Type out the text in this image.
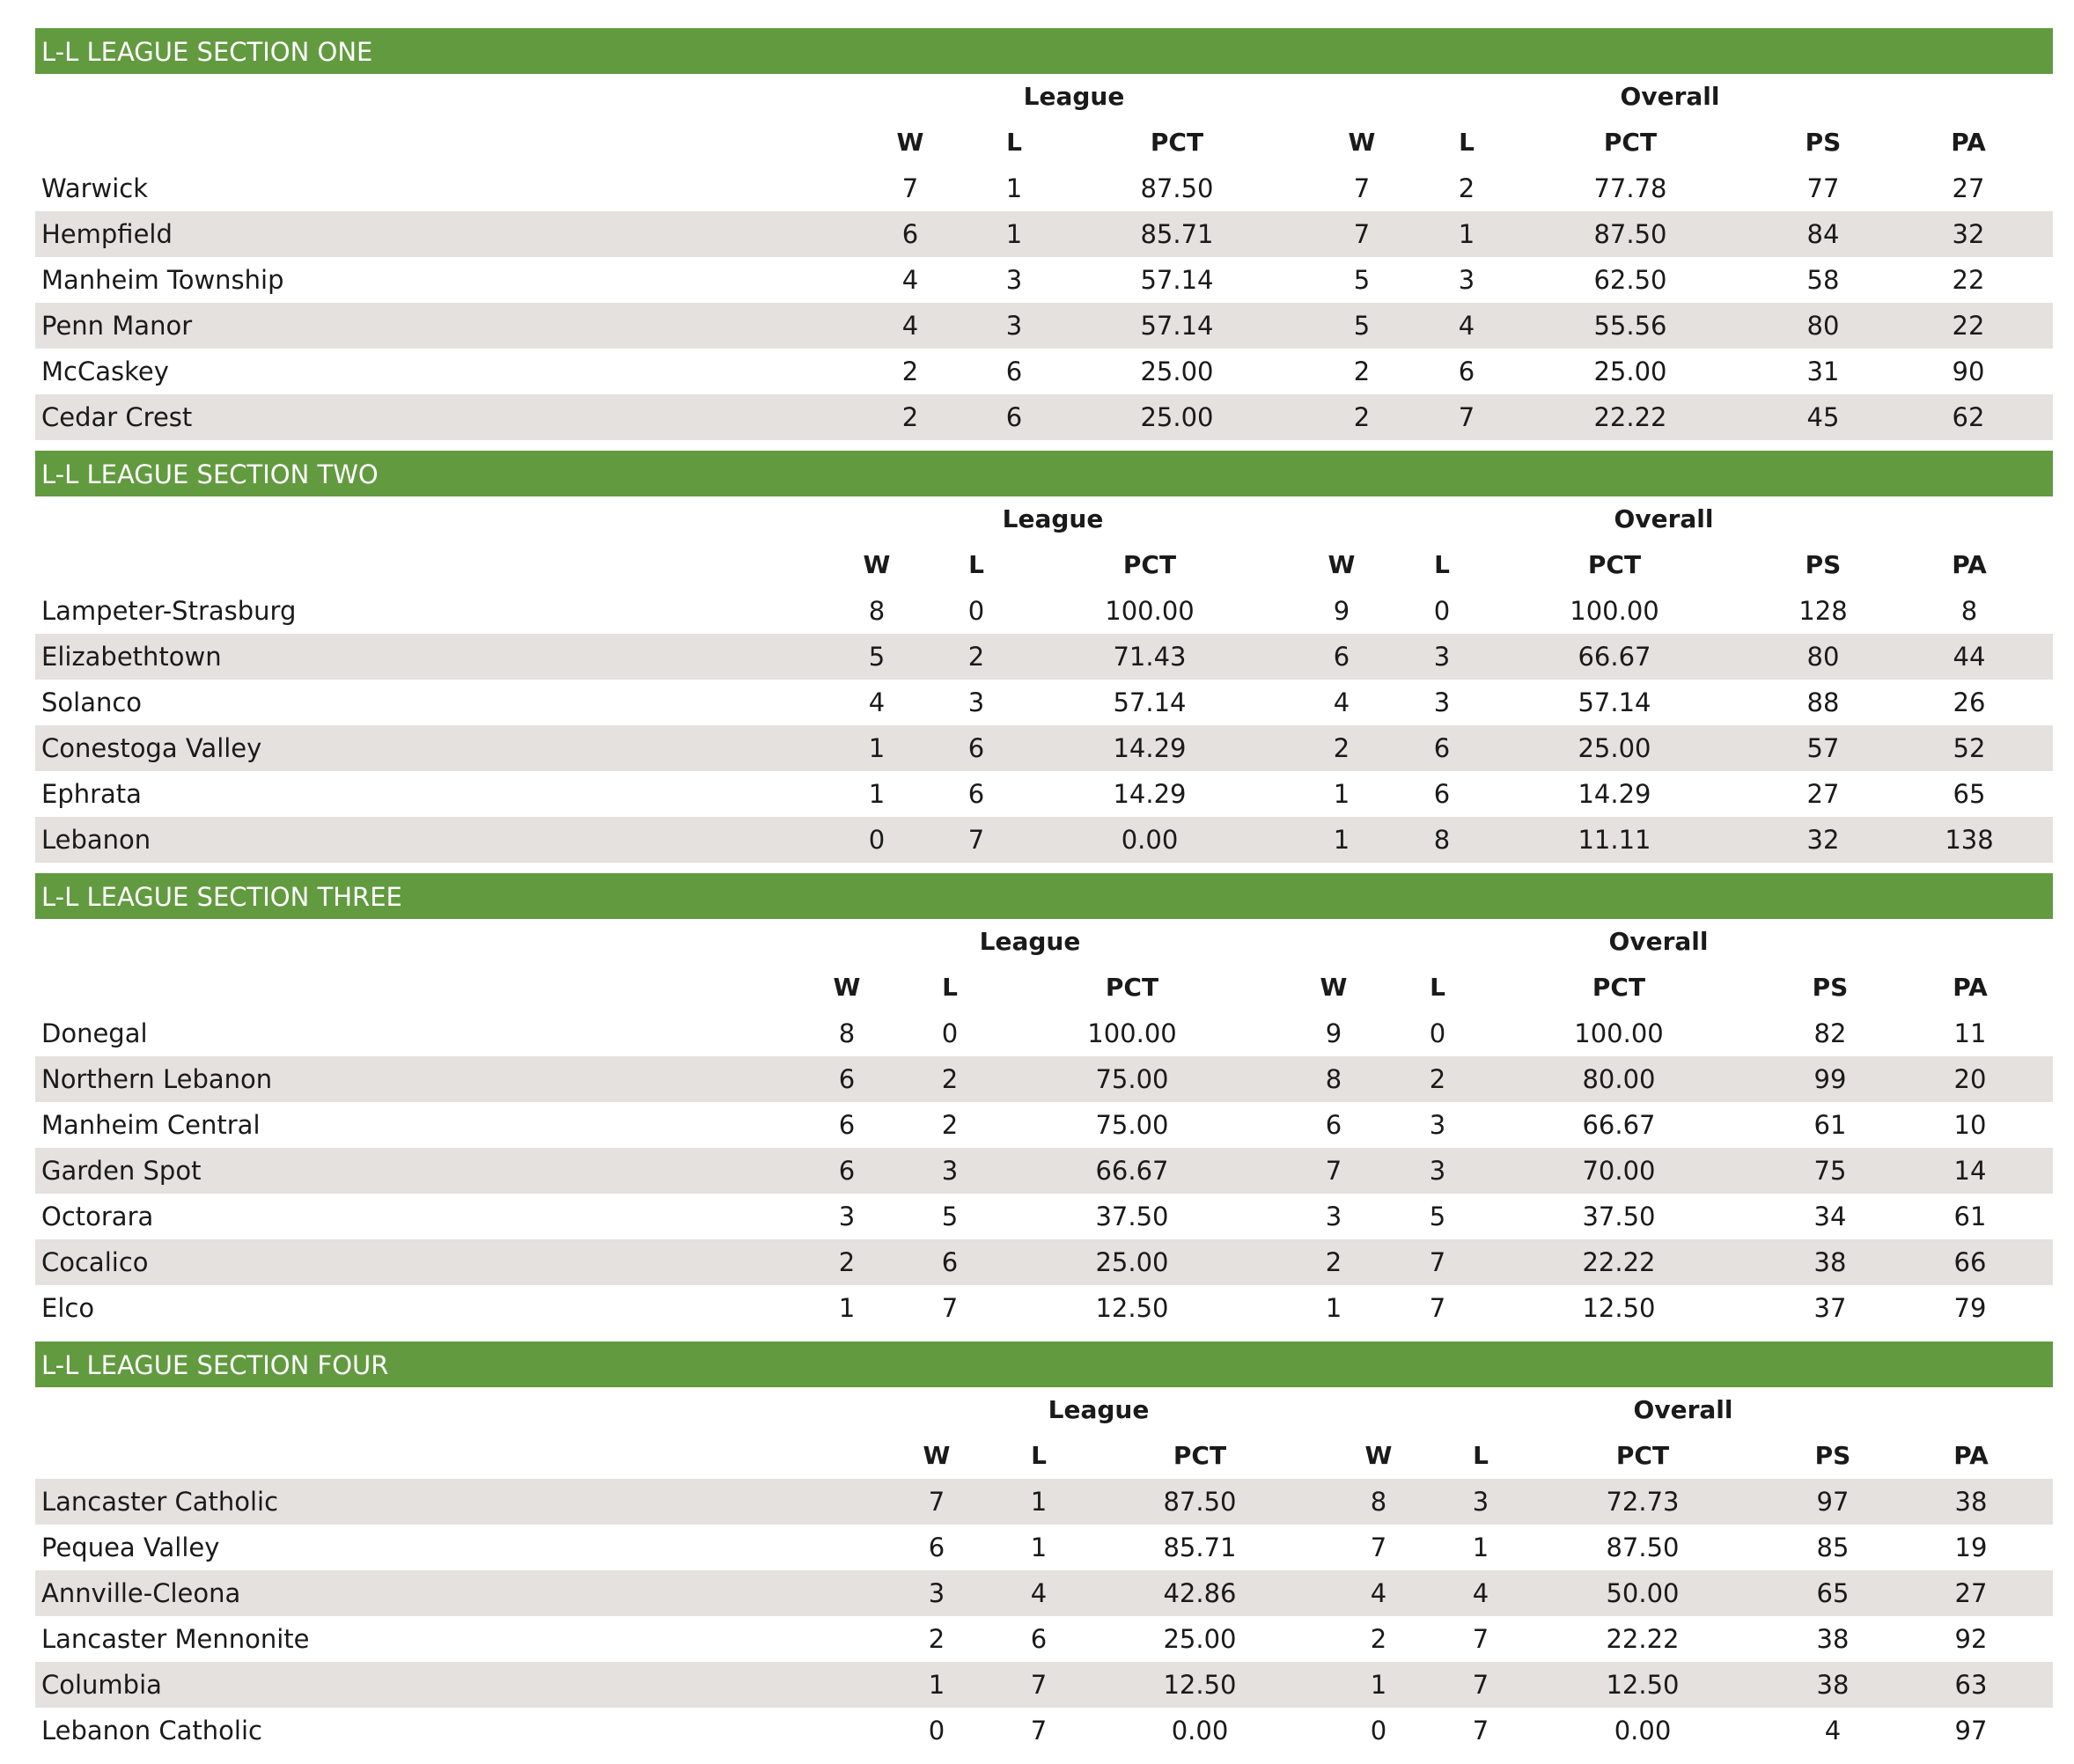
L-L LEAGUE SECTION ONE
League	Overall
W	L	PCT	W	L	PCT	PS	PA
Warwick	7	1	87.50	7	2	77.78	77	27
Hempfield	6	1	85.71	7	1	87.50	84	32
Manheim Township	4	3	57.14	5	3	62.50	58	22
Penn Manor	4	3	57.14	5	4	55.56	80	22
McCaskey	2	6	25.00	2	6	25.00	31	90
Cedar Crest	2	6	25.00	2	7	22.22	45	62
L-L LEAGUE SECTION TWO
League	Overall
W	L	PCT	W	L	PCT	PS	PA
Lampeter-Strasburg	8	0	100.00	9	0	100.00	128	8
Elizabethtown	5	2	71.43	6	3	66.67	80	44
Solanco	4	3	57.14	4	3	57.14	88	26
Conestoga Valley	1	6	14.29	2	6	25.00	57	52
Ephrata	1	6	14.29	1	6	14.29	27	65
Lebanon	0	7	0.00	1	8	11.11	32	138
L-L LEAGUE SECTION THREE
League	Overall
W	L	PCT	W	L	PCT	PS	PA
Donegal	8	0	100.00	9	0	100.00	82	11
Northern Lebanon	6	2	75.00	8	2	80.00	99	20
Manheim Central	6	2	75.00	6	3	66.67	61	10
Garden Spot	6	3	66.67	7	3	70.00	75	14
Octorara	3	5	37.50	3	5	37.50	34	61
Cocalico	2	6	25.00	2	7	22.22	38	66
Elco	1	7	12.50	1	7	12.50	37	79
L-L LEAGUE SECTION FOUR
League	Overall
W	L	PCT	W	L	PCT	PS	PA
Lancaster Catholic	7	1	87.50	8	3	72.73	97	38
Pequea Valley	6	1	85.71	7	1	87.50	85	19
Annville-Cleona	3	4	42.86	4	4	50.00	65	27
Lancaster Mennonite	2	6	25.00	2	7	22.22	38	92
Columbia	1	7	12.50	1	7	12.50	38	63
Lebanon Catholic	0	7	0.00	0	7	0.00	4	97
